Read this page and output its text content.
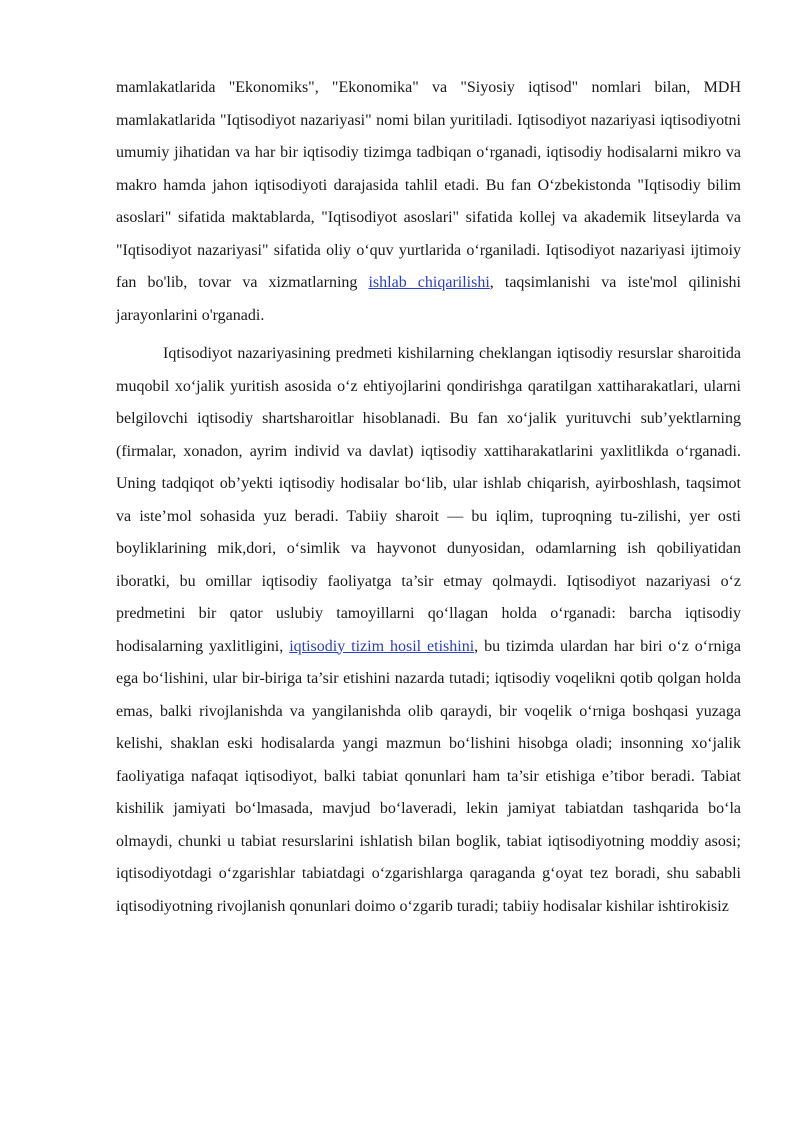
mamlakatlarida "Ekonomiks", "Ekonomika" va "Siyosiy iqtisod" nomlari bilan, MDH mamlakatlarida "Iqtisodiyot nazariyasi" nomi bilan yuritiladi. Iqtisodiyot nazariyasi iqtisodiyotni umumiy jihatidan va har bir iqtisodiy tizimga tadbiqan o‘rganadi, iqtisodiy hodisalarni mikro va makro hamda jahon iqtisodiyoti darajasida tahlil etadi. Bu fan O‘zbekistonda "Iqtisodiy bilim asoslari" sifatida maktablarda, "Iqtisodiyot asoslari" sifatida kollej va akademik litseylarda va "Iqtisodiyot nazariyasi" sifatida oliy o‘quv yurtlarida o‘rganiladi. Iqtisodiyot nazariyasi ijtimoiy fan bo'lib, tovar va xizmatlarning ishlab chiqarilishi, taqsimlanishi va iste'mol qilinishi jarayonlarini o'rganadi.

Iqtisodiyot nazariyasining predmeti kishilarning cheklangan iqtisodiy resurslar sharoitida muqobil xo‘jalik yuritish asosida o‘z ehtiyojlarini qondirishga qaratilgan xattiharakatlari, ularni belgilovchi iqtisodiy shartsharoitlar hisoblanadi. Bu fan xo‘jalik yurituvchi sub’yektlarning (firmalar, xonadon, ayrim individ va davlat) iqtisodiy xattiharakatlarini yaxlitlikda o‘rganadi. Uning tadqiqot ob’yekti iqtisodiy hodisalar bo‘lib, ular ishlab chiqarish, ayirboshlash, taqsimot va iste’mol sohasida yuz beradi. Tabiiy sharoit — bu iqlim, tuproqning tu-zilishi, yer osti boyliklarining mik,dori, o‘simlik va hayvonot dunyosidan, odamlarning ish qobiliyatidan iboratki, bu omillar iqtisodiy faoliyatga ta’sir etmay qolmaydi. Iqtisodiyot nazariyasi o‘z predmetini bir qator uslubiy tamoyillarni qo‘llagan holda o‘rganadi: barcha iqtisodiy hodisalarning yaxlitligini, iqtisodiy tizim hosil etishini, bu tizimda ulardan har biri o‘z o‘rniga ega bo‘lishini, ular bir-biriga ta’sir etishini nazarda tutadi; iqtisodiy voqelikni qotib qolgan holda emas, balki rivojlanishda va yangilanishda olib qaraydi, bir voqelik o‘rniga boshqasi yuzaga kelishi, shaklan eski hodisalarda yangi mazmun bo‘lishini hisobga oladi; insonning xo‘jalik faoliyatiga nafaqat iqtisodiyot, balki tabiat qonunlari ham ta’sir etishiga e’tibor beradi. Tabiat kishilik jamiyati bo‘lmasada, mavjud bo‘laveradi, lekin jamiyat tabiatdan tashqarida bo‘la olmaydi, chunki u tabiat resurslarini ishlatish bilan boglik, tabiat iqtisodiyotning moddiy asosi; iqtisodiyotdagi o‘zgarishlar tabiatdagi o‘zgarishlarga qaraganda g‘oyat tez boradi, shu sababli iqtisodiyotning rivojlanish qonunlari doimo o‘zgarib turadi; tabiiy hodisalar kishilar ishtirokisiz
